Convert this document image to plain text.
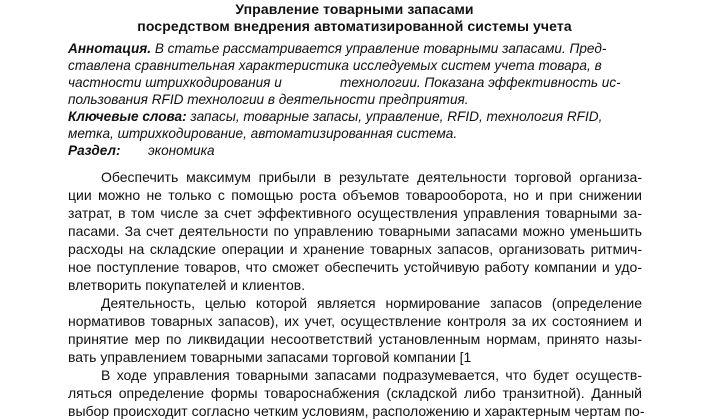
Управление товарными запасами
посредством внедрения автоматизированной системы учета
Аннотация. В статье рассматривается управление товарными запасами. Пред-
ставлена сравнительная характеристика исследуемых систем учета товара, в
частности штрихкодирования и	технологии. Показана эффективность ис-
пользования RFID технологии в деятельности предприятия.
Ключевые слова: запасы, товарные запасы, управление, RFID, технология RFID,
метка, штрихкодирование, автоматизированная система.
Раздел: экономика
Обеспечить максимум прибыли в результате деятельности торговой организа-
ции можно не только с помощью роста объемов товарооборота, но и при снижении
затрат, в том числе за счет эффективного осуществления управления товарными за-
пасами. За счет деятельности по управлению товарными запасами можно уменьшить
расходы на складские операции и хранение товарных запасов, организовать ритмич-
ное поступление товаров, что сможет обеспечить устойчивую работу компании и удо-
влетворить покупателей и клиентов.
Деятельность, целью которой является нормирование запасов (определение
нормативов товарных запасов), их учет, осуществление контроля за их состоянием и
принятие мер по ликвидации несоответствий установленным нормам, принято назы-
вать управлением товарными запасами торговой компании [1
В ходе управления товарными запасами подразумевается, что будет осуществ-
ляться определение формы товароснабжения (складской либо транзитной). Данный
выбор происходит согласно четким условиям, расположению и характерным чертам по-
